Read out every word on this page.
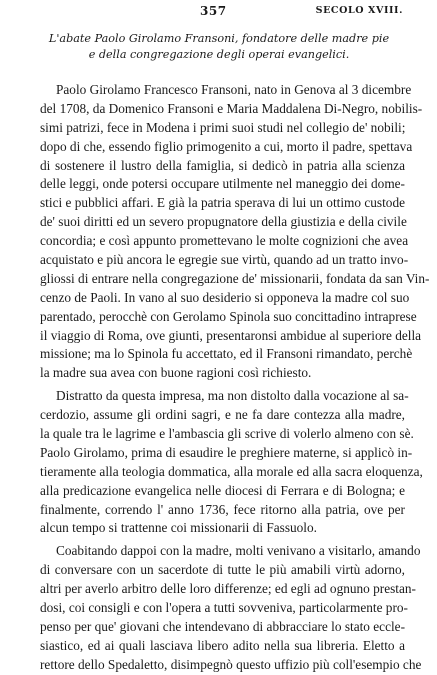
357	SECOLO XVIII.
L'abate Paolo Girolamo Fransoni, fondatore delle madre pie
e della congregazione degli operai evangelici.
Paolo Girolamo Francesco Fransoni, nato in Genova al 3 dicembre
del 1708, da Domenico Fransoni e Maria Maddalena Di-Negro, nobilis-
simi patrizi, fece in Modena i primi suoi studi nel collegio de' nobili;
dopo di che, essendo figlio primogenito a cui, morto il padre, spettava
di sostenere il lustro della famiglia, si dedicò in patria alla scienza
delle leggi, onde potersi occupare utilmente nel maneggio dei dome-
stici e pubblici affari. E già la patria sperava di lui un ottimo custode
de' suoi diritti ed un severo propugnatore della giustizia e della civile
concordia; e così appunto promettevano le molte cognizioni che avea
acquistato e più ancora le egregie sue virtù, quando ad un tratto invo-
gliossi di entrare nella congregazione de' missionarii, fondata da san Vin-
cenzo de Paoli. In vano al suo desiderio si opponeva la madre col suo
parentado, perocchè con Gerolamo Spinola suo concittadino intraprese
il viaggio di Roma, ove giunti, presentaronsi ambidue al superiore della
missione; ma lo Spinola fu accettato, ed il Fransoni rimandato, perchè
la madre sua avea con buone ragioni così richiesto.
Distratto da questa impresa, ma non distolto dalla vocazione al sa-
cerdozio, assume gli ordini sagri, e ne fa dare contezza alla madre,
la quale tra le lagrime e l'ambascia gli scrive di volerlo almeno con sè.
Paolo Girolamo, prima di esaudire le preghiere materne, si applicò in-
tieramente alla teologia dommatica, alla morale ed alla sacra eloquenza,
alla predicazione evangelica nelle diocesi di Ferrara e di Bologna; e
finalmente, correndo l' anno 1736, fece ritorno alla patria, ove per
alcun tempo si trattenne coi missionarii di Fassuolo.
Coabitando dappoi con la madre, molti venivano a visitarlo, amando
di conversare con un sacerdote di tutte le più amabili virtù adorno,
altri per averlo arbitro delle loro differenze; ed egli ad ognuno prestan-
dosi, coi consigli e con l'opera a tutti sovveniva, particolarmente pro-
penso per que' giovani che intendevano di abbracciare lo stato eccle-
siastico, ed ai quali lasciava libero adito nella sua libreria. Eletto a
rettore dello Spedaletto, disimpegnò questo uffizio più coll'esempio che
